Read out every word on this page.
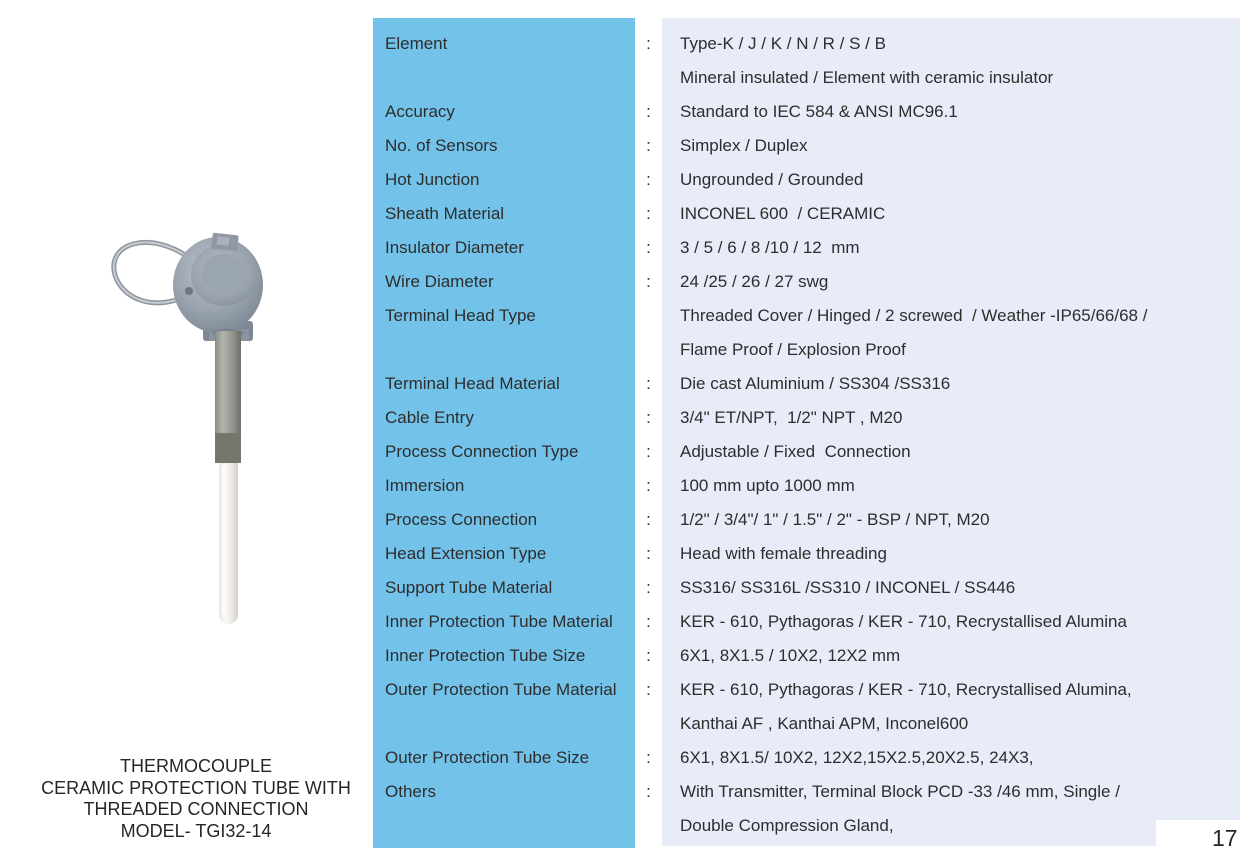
THERMOCOUPLE
CERAMIC PROTECTION TUBE WITH
THREADED CONNECTION
MODEL- TGI32-14
Element	:	Type-K / J / K / N / R / S / B
Mineral insulated / Element with ceramic insulator
Accuracy	:	Standard to IEC 584 & ANSI MC96.1
No. of Sensors	:	Simplex / Duplex
Hot Junction	:	Ungrounded / Grounded
Sheath Material	:	INCONEL 600  / CERAMIC
Insulator Diameter	:	3 / 5 / 6 / 8 /10 / 12  mm
Wire Diameter	:	24 /25 / 26 / 27 swg
Terminal Head Type	Threaded Cover / Hinged / 2 screwed  / Weather -IP65/66/68 /
Flame Proof / Explosion Proof
Terminal Head Material	:	Die cast Aluminium / SS304 /SS316
Cable Entry	:	3/4" ET/NPT,  1/2" NPT , M20
Process Connection Type	:	Adjustable / Fixed  Connection
Immersion	:	100 mm upto 1000 mm
Process Connection	:	1/2" / 3/4"/ 1" / 1.5" / 2" - BSP / NPT, M20
Head Extension Type	:	Head with female threading
Support Tube Material	:	SS316/ SS316L /SS310 / INCONEL / SS446
Inner Protection Tube Material	:	KER - 610, Pythagoras / KER - 710, Recrystallised Alumina
Inner Protection Tube Size	:	6X1, 8X1.5 / 10X2, 12X2 mm
Outer Protection Tube Material	:	KER - 610, Pythagoras / KER - 710, Recrystallised Alumina,
Kanthai AF , Kanthai APM, Inconel600
Outer Protection Tube Size	:	6X1, 8X1.5/ 10X2, 12X2,15X2.5,20X2.5, 24X3,
Others	:	With Transmitter, Terminal Block PCD -33 /46 mm, Single /
Double Compression Gland,	17
